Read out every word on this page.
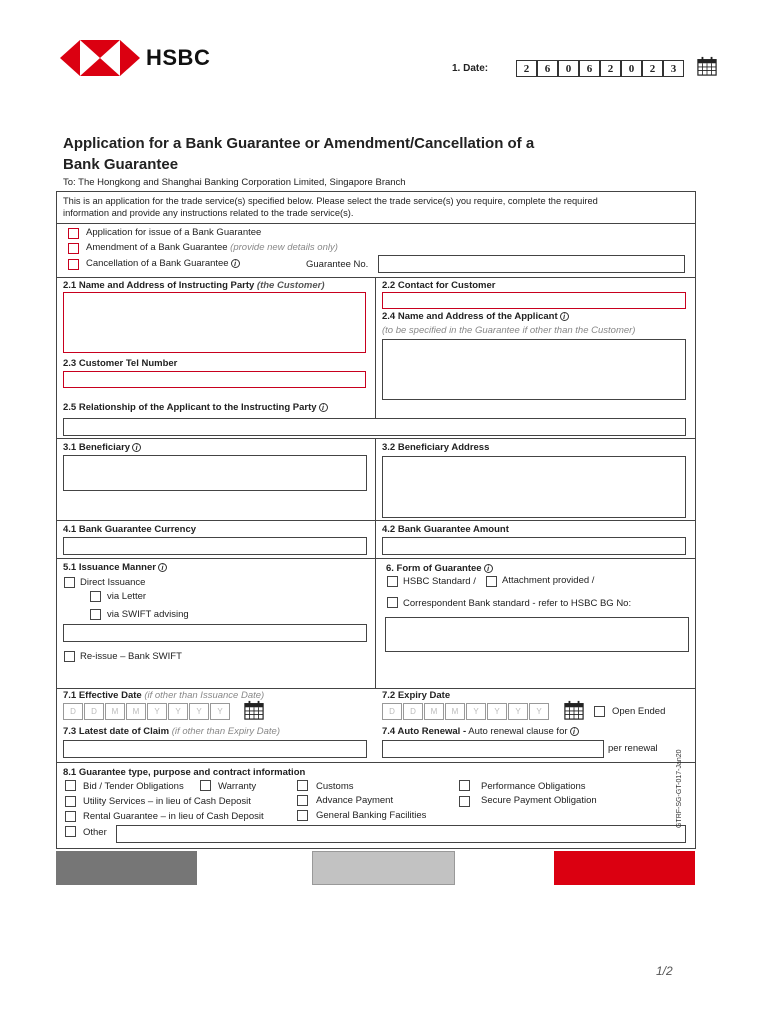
HSBC	1. Date:	2	6	0	6	2	0	2	3
Application for a Bank Guarantee or Amendment/Cancellation of a
Bank Guarantee
To: The Hongkong and Shanghai Banking Corporation Limited, Singapore Branch
This is an application for the trade service(s) specified below. Please select the trade service(s) you require, complete the required
information and provide any instructions related to the trade service(s).
Application for issue of a Bank Guarantee
Amendment of a Bank Guarantee (provide new details only)
Cancellation of a Bank Guarantee i	Guarantee No.
2.1 Name and Address of Instructing Party (the Customer)	2.2 Contact for Customer
2.4 Name and Address of the Applicant i
(to be specified in the Guarantee if other than the Customer)
2.3 Customer Tel Number
2.5 Relationship of the Applicant to the Instructing Party i
3.1 Beneficiary i	3.2 Beneficiary Address
4.1 Bank Guarantee Currency	4.2 Bank Guarantee Amount
5.1 Issuance Manner i
Direct Issuance
via Letter
via SWIFT advising
Re-issue – Bank SWIFT
6. Form of Guarantee i
HSBC Standard /	Attachment provided /
Correspondent Bank standard - refer to HSBC BG No:
7.1 Effective Date (if other than Issuance Date)
D	D	M	M	Y	Y	Y	Y
7.2 Expiry Date
D	D	M	M	Y	Y	Y	Y	Open Ended
7.3 Latest date of Claim (if other than Expiry Date)	7.4 Auto Renewal - Auto renewal clause for i
per renewal
8.1 Guarantee type, purpose and contract information
Bid / Tender Obligations	Warranty	Customs	Performance Obligations
Utility Services – in lieu of Cash Deposit	Advance Payment	Secure Payment Obligation
Rental Guarantee – in lieu of Cash Deposit	General Banking Facilities
Other
GTRF-SG-GT-017-Jan20
1/2
